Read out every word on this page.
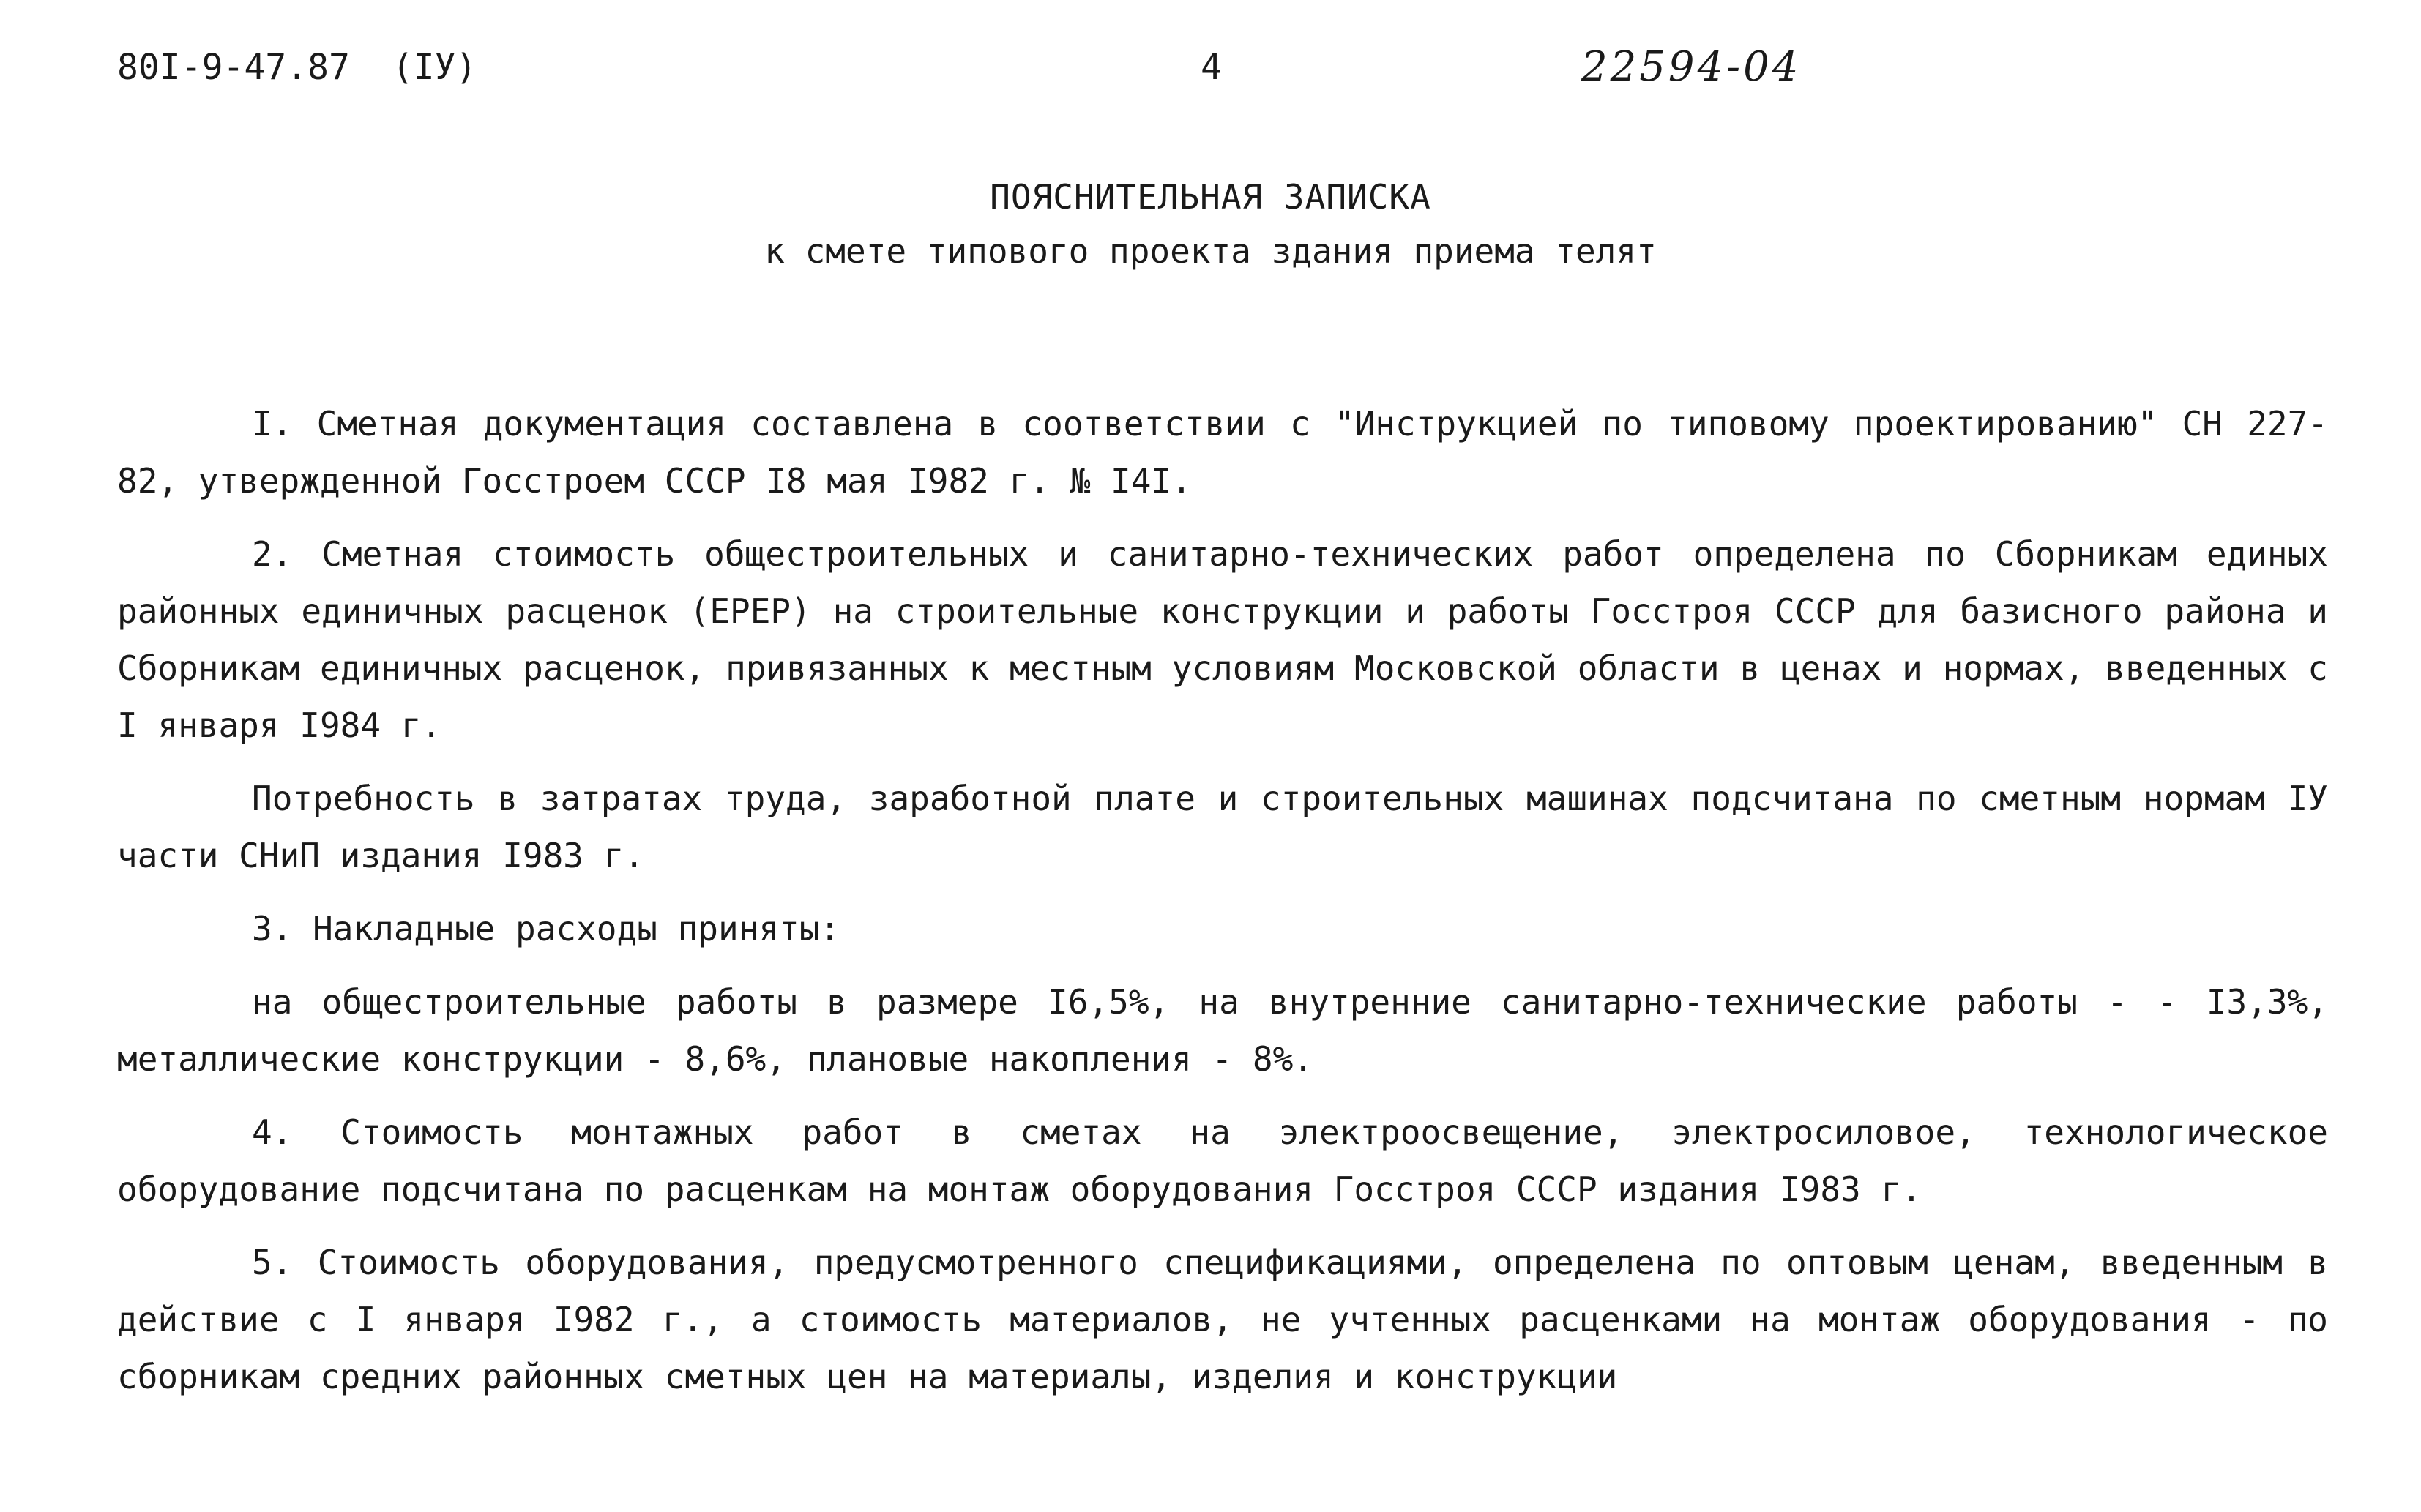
80I-9-47.87  (IУ)	4	22594-04
ПОЯСНИТЕЛЬНАЯ ЗАПИСКА
к смете типового проекта здания приема телят

I. Сметная документация составлена в соответствии с "Инструкцией по типовому проектированию" СН 227-82, утвержденной Госстроем СССР I8 мая I982 г. № I4I.

2. Сметная стоимость общестроительных и санитарно-технических работ определена по Сборникам единых районных единичных расценок (ЕРЕР) на строительные конструкции и работы Госстроя СССР для базисного района и Сборникам единичных расценок, привязанных к местным условиям Московской области в ценах и нормах, введенных с I января I984 г.

Потребность в затратах труда, заработной плате и строительных машинах подсчитана по сметным нормам IУ части СНиП издания I983 г.

3. Накладные расходы приняты:

на общестроительные работы в размере I6,5%, на внутренние санитарно-технические работы - - I3,3%, металлические конструкции - 8,6%, плановые накопления - 8%.

4. Стоимость монтажных работ в сметах на электроосвещение, электросиловое, технологическое оборудование подсчитана по расценкам на монтаж оборудования Госстроя СССР издания I983 г.

5. Стоимость оборудования, предусмотренного спецификациями, определена по оптовым ценам, введенным в действие с I января I982 г., а стоимость материалов, не учтенных расценками на монтаж оборудования - по сборникам средних районных сметных цен на материалы, изделия и конструкции
